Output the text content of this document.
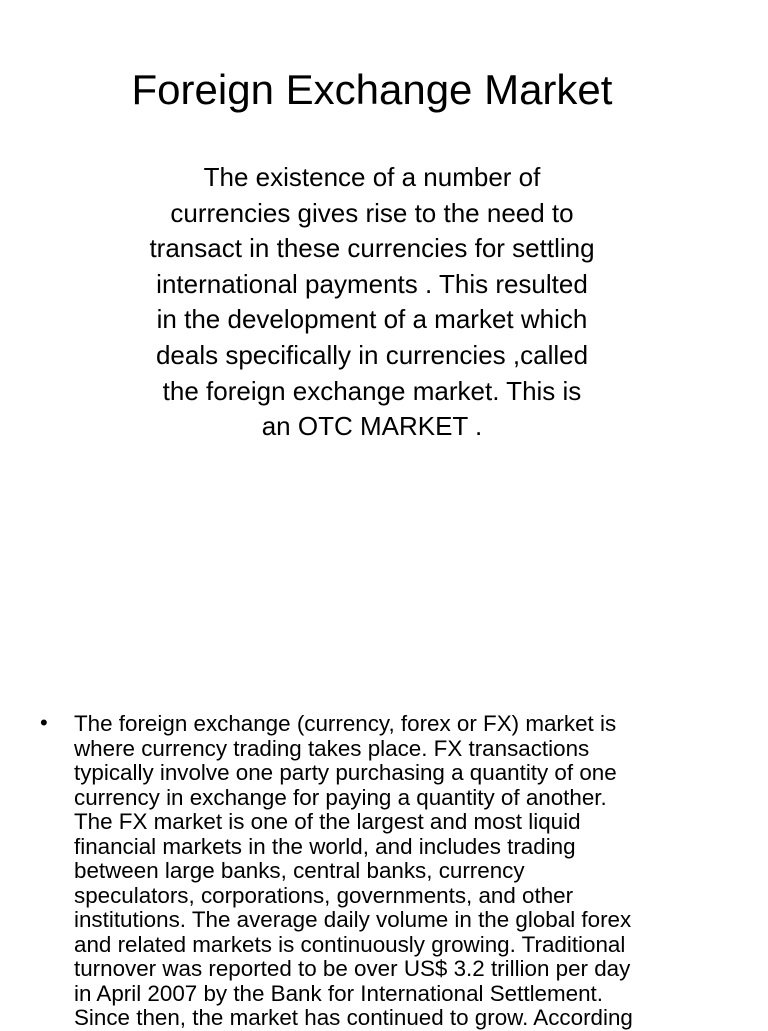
Foreign Exchange Market

The existence of a number of
currencies gives rise to the need to
transact in these currencies for settling
international payments . This resulted
in the development of a market which
deals specifically in currencies ,called
the foreign exchange market. This is
an OTC MARKET .

• The foreign exchange (currency, forex or FX) market is
where currency trading takes place. FX transactions
typically involve one party purchasing a quantity of one
currency in exchange for paying a quantity of another.
The FX market is one of the largest and most liquid
financial markets in the world, and includes trading
between large banks, central banks, currency
speculators, corporations, governments, and other
institutions. The average daily volume in the global forex
and related markets is continuously growing. Traditional
turnover was reported to be over US$ 3.2 trillion per day
in April 2007 by the Bank for International Settlement.
Since then, the market has continued to grow. According
